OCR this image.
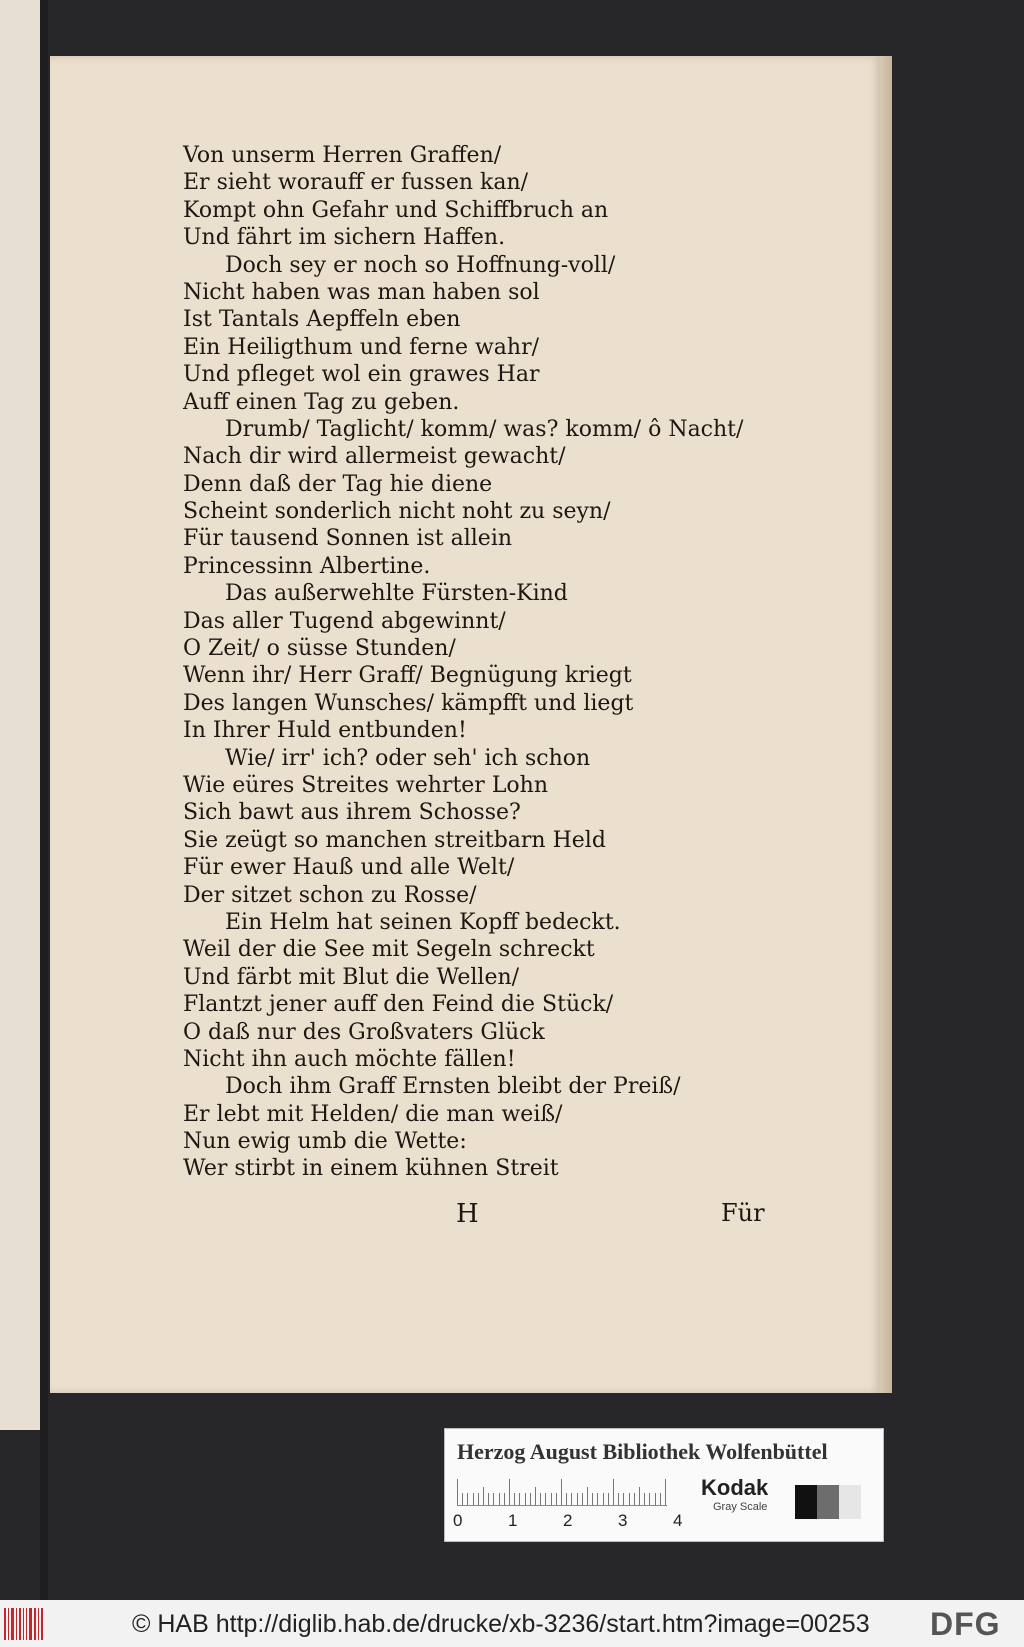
Von unserm Herren Graffen/
Er sieht worauff er fussen kan/
Kompt ohn Gefahr und Schiffbruch an
Und fährt im sichern Haffen.
Doch sey er noch so Hoffnung-voll/
Nicht haben was man haben sol
Ist Tantals Aepffeln eben
Ein Heiligthum und ferne wahr/
Und pfleget wol ein grawes Har
Auff einen Tag zu geben.
Drumb/ Taglicht/ komm/ was? komm/ ô Nacht/
Nach dir wird allermeist gewacht/
Denn daß der Tag hie diene
Scheint sonderlich nicht noht zu seyn/
Für tausend Sonnen ist allein
Princessinn Albertine.
Das außerwehlte Fürsten-Kind
Das aller Tugend abgewinnt/
O Zeit/ o süsse Stunden/
Wenn ihr/ Herr Graff/ Begnügung kriegt
Des langen Wunsches/ kämpfft und liegt
In Ihrer Huld entbunden!
Wie/ irr' ich? oder seh' ich schon
Wie eüres Streites wehrter Lohn
Sich bawt aus ihrem Schosse?
Sie zeügt so manchen streitbarn Held
Für ewer Hauß und alle Welt/
Der sitzet schon zu Rosse/
Ein Helm hat seinen Kopff bedeckt.
Weil der die See mit Segeln schreckt
Und färbt mit Blut die Wellen/
Flantzt jener auff den Feind die Stück/
O daß nur des Großvaters Glück
Nicht ihn auch möchte fällen!
Doch ihm Graff Ernsten bleibt der Preiß/
Er lebt mit Helden/ die man weiß/
Nun ewig umb die Wette:
Wer stirbt in einem kühnen Streit
H	Für
Herzog August Bibliothek Wolfenbüttel
0	1	2	3	4
Kodak
Gray Scale
© HAB http://diglib.hab.de/drucke/xb-3236/start.htm?image=00253 DFG
